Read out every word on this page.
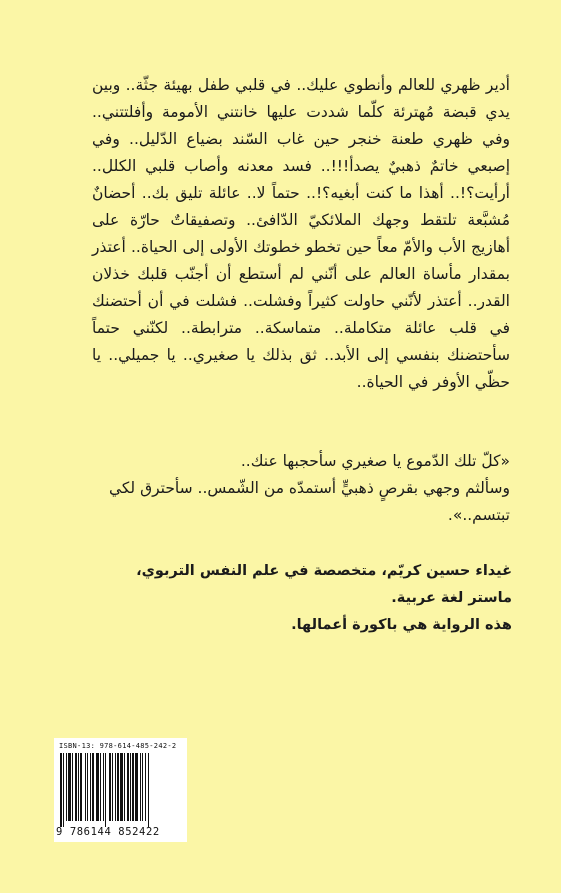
أدير ظهري للعالم وأنطوي عليك.. في قلبي طفل بهيئة جثّة.. وبين يدي قبضة مُهترئة كلّما شددت عليها خانتني الأمومة وأفلتتني.. وفي ظهري طعنة خنجر حين غاب السّند بضياع الدّليل.. وفي إصبعي خاتمٌ ذهبيٌ يصدأ!!!.. فسد معدنه وأصاب قلبي الكلل.. أرأيت؟!.. أهذا ما كنت أبغيه؟!.. حتماً لا.. عائلة تليق بك.. أحضانٌ مُشبَّعة تلتقط وجهك الملائكيّ الدّافئ.. وتصفيقاتٌ حارّة على أهازيج الأب والأمّ معاً حين تخطو خطوتك الأولى إلى الحياة.. أعتذر بمقدار مأساة العالم على أنّني لم أستطع أن أجنّب قلبك خذلان القدر.. أعتذر لأنّني حاولت كثيراً وفشلت.. فشلت في أن أحتضنك في قلب عائلة متكاملة.. متماسكة.. مترابطة.. لكنّني حتماً سأحتضنك بنفسي إلى الأبد.. ثق بذلك يا صغيري.. يا جميلي.. يا حظّي الأوفر في الحياة..

«كلّ تلك الدّموع يا صغيري سأحجبها عنك..

وسألثم وجهي بقرصٍ ذهبيٍّ أستمدّه من الشّمس.. سأحترق لكي تبتسم..».

غيداء حسين كريّم، متخصصة في علم النفس التربوي،

ماستر لغة عربية.

هذه الرواية هي باكورة أعمالها.

ISBN-13: 978-614-485-242-2
9 786144 852422
